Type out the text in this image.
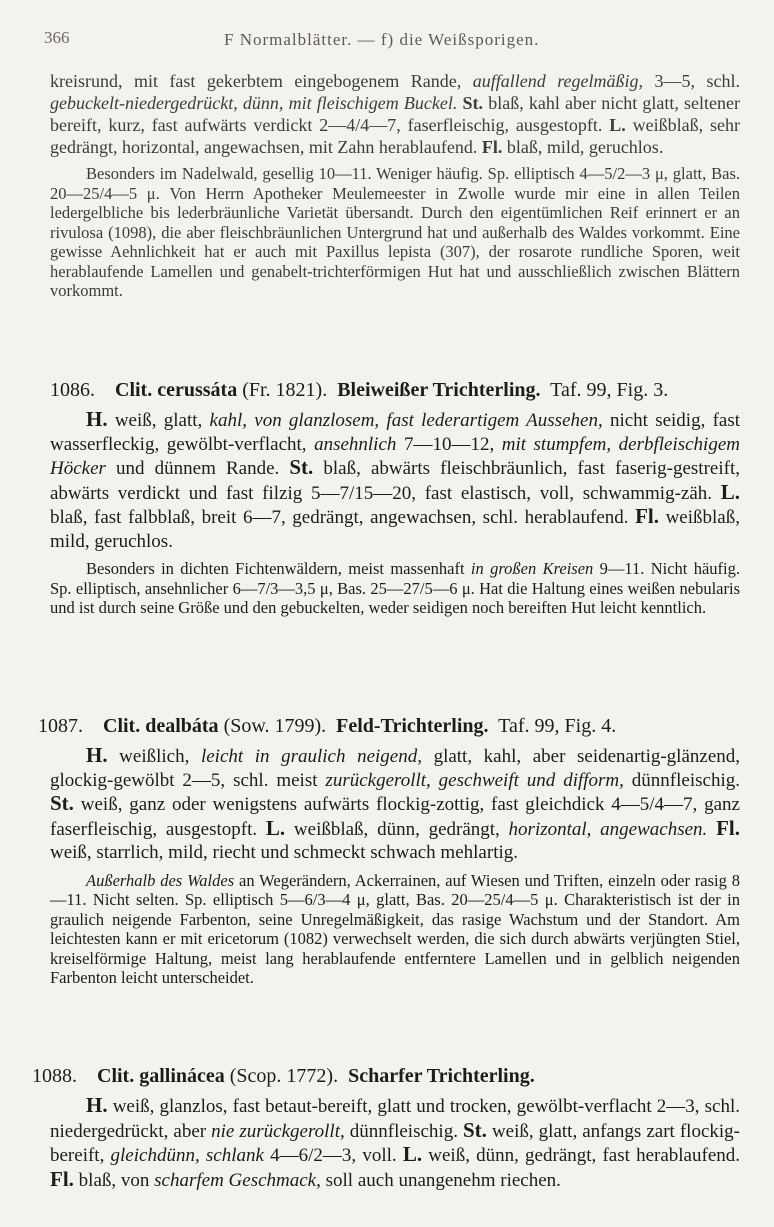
366	F Normalblätter. — f) die Weißsporigen.
kreisrund, mit fast gekerbtem eingebogenem Rande, auffallend regelmäßig, 3—5, schl. gebuckelt-niedergedrückt, dünn, mit fleischigem Buckel. St. blaß, kahl aber nicht glatt, seltener bereift, kurz, fast aufwärts verdickt 2—4/4—7, faserfleischig, ausgestopft. L. weißblaß, sehr gedrängt, horizontal, angewachsen, mit Zahn herablaufend. Fl. blaß, mild, geruchlos.
Besonders im Nadelwald, gesellig 10—11. Weniger häufig. Sp. elliptisch 4—5/2—3 μ, glatt, Bas. 20—25/4—5 μ. Von Herrn Apotheker Meulemeester in Zwolle wurde mir eine in allen Teilen ledergelbliche bis lederbräunliche Varietät übersandt. Durch den eigentümlichen Reif erinnert er an rivulosa (1098), die aber fleischbräunlichen Untergrund hat und außerhalb des Waldes vorkommt. Eine gewisse Aehnlichkeit hat er auch mit Paxillus lepista (307), der rosarote rundliche Sporen, weit herablaufende Lamellen und genabelt-trichterförmigen Hut hat und ausschließlich zwischen Blättern vorkommt.
1086. Clit. cerussáta (Fr. 1821). Bleiweißer Trichterling. Taf. 99, Fig. 3.
H. weiß, glatt, kahl, von glanzlosem, fast lederartigem Aussehen, nicht seidig, fast wasserfleckig, gewölbt-verflacht, ansehnlich 7—10—12, mit stumpfem, derbfleischigem Höcker und dünnem Rande. St. blaß, abwärts fleischbräunlich, fast faserig-gestreift, abwärts verdickt und fast filzig 5—7/15—20, fast elastisch, voll, schwammig-zäh. L. blaß, fast falbblaß, breit 6—7, gedrängt, angewachsen, schl. herablaufend. Fl. weißblaß, mild, geruchlos.
Besonders in dichten Fichtenwäldern, meist massenhaft in großen Kreisen 9—11. Nicht häufig. Sp. elliptisch, ansehnlicher 6—7/3—3,5 μ, Bas. 25—27/5—6 μ. Hat die Haltung eines weißen nebularis und ist durch seine Größe und den gebuckelten, weder seidigen noch bereiften Hut leicht kenntlich.
1087. Clit. dealbáta (Sow. 1799). Feld-Trichterling. Taf. 99, Fig. 4.
H. weißlich, leicht in graulich neigend, glatt, kahl, aber seidenartig-glänzend, glockig-gewölbt 2—5, schl. meist zurückgerollt, geschweift und difform, dünnfleischig. St. weiß, ganz oder wenigstens aufwärts flockig-zottig, fast gleichdick 4—5/4—7, ganz faserfleischig, ausgestopft. L. weißblaß, dünn, gedrängt, horizontal, angewachsen. Fl. weiß, starrlich, mild, riecht und schmeckt schwach mehlartig.
Außerhalb des Waldes an Wegerändern, Ackerrainen, auf Wiesen und Triften, einzeln oder rasig 8—11. Nicht selten. Sp. elliptisch 5—6/3—4 μ, glatt, Bas. 20—25/4—5 μ. Charakteristisch ist der in graulich neigende Farbenton, seine Unregelmäßigkeit, das rasige Wachstum und der Standort. Am leichtesten kann er mit ericetorum (1082) verwechselt werden, die sich durch abwärts verjüngten Stiel, kreiselförmige Haltung, meist lang herablaufende entferntere Lamellen und in gelblich neigenden Farbenton leicht unterscheidet.
1088. Clit. gallinácea (Scop. 1772). Scharfer Trichterling.
H. weiß, glanzlos, fast betaut-bereift, glatt und trocken, gewölbt-verflacht 2—3, schl. niedergedrückt, aber nie zurückgerollt, dünnfleischig. St. weiß, glatt, anfangs zart flockig-bereift, gleichdünn, schlank 4—6/2—3, voll. L. weiß, dünn, gedrängt, fast herablaufend. Fl. blaß, von scharfem Geschmack, soll auch unangenehm riechen.
